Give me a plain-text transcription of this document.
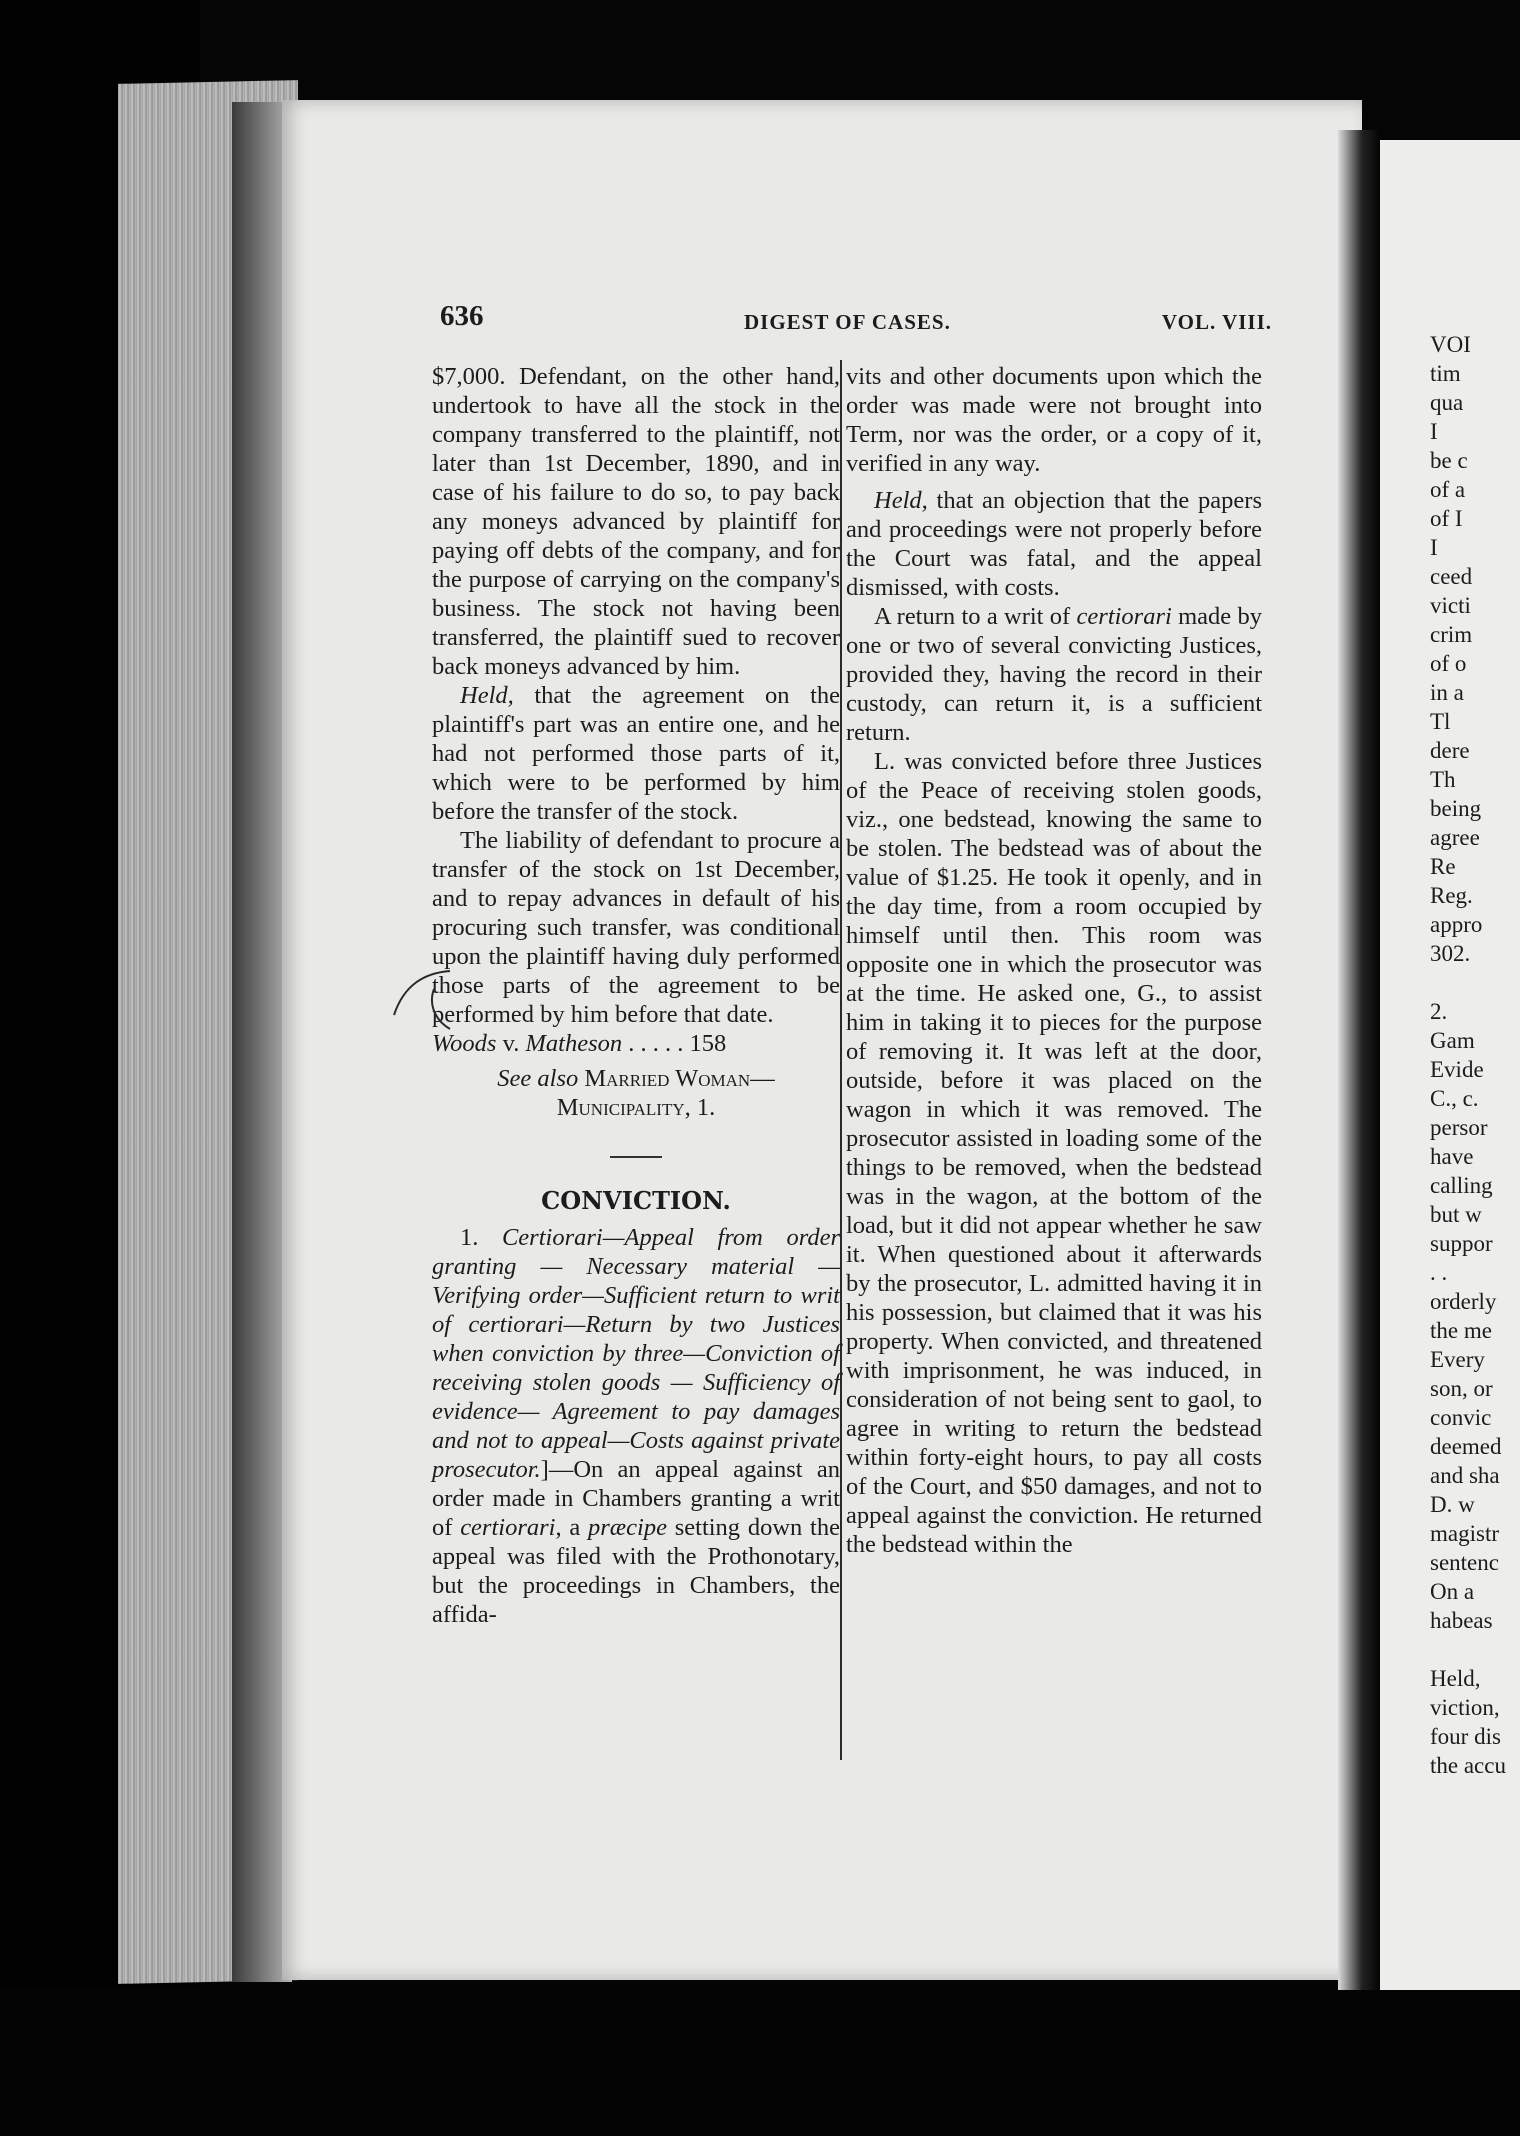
636	DIGEST OF CASES.	VOL. VIII.

$7,000. Defendant, on the other hand, undertook to have all the stock in the company transferred to the plaintiff, not later than 1st December, 1890, and in case of his failure to do so, to pay back any moneys advanced by plaintiff for paying off debts of the company, and for the purpose of carrying on the company's business. The stock not having been transferred, the plaintiff sued to recover back moneys advanced by him.

Held, that the agreement on the plaintiff's part was an entire one, and he had not performed those parts of it, which were to be performed by him before the transfer of the stock.

The liability of defendant to procure a transfer of the stock on 1st December, and to repay advances in default of his procuring such transfer, was conditional upon the plaintiff having duly performed those parts of the agreement to be performed by him before that date.

Woods v. Matheson . . . . . 158

See also Married Woman—
Municipality, 1.

CONVICTION.

1. Certiorari—Appeal from order granting — Necessary material — Verifying order—Sufficient return to writ of certiorari—Return by two Justices when conviction by three—Conviction of receiving stolen goods — Sufficiency of evidence— Agreement to pay damages and not to appeal—Costs against private prosecutor.]—On an appeal against an order made in Chambers granting a writ of certiorari, a præcipe setting down the appeal was filed with the Prothonotary, but the proceedings in Chambers, the affida-

vits and other documents upon which the order was made were not brought into Term, nor was the order, or a copy of it, verified in any way.

Held, that an objection that the papers and proceedings were not properly before the Court was fatal, and the appeal dismissed, with costs.

A return to a writ of certiorari made by one or two of several convicting Justices, provided they, having the record in their custody, can return it, is a sufficient return.

L. was convicted before three Justices of the Peace of receiving stolen goods, viz., one bedstead, knowing the same to be stolen. The bedstead was of about the value of $1.25. He took it openly, and in the day time, from a room occupied by himself until then. This room was opposite one in which the prosecutor was at the time. He asked one, G., to assist him in taking it to pieces for the purpose of removing it. It was left at the door, outside, before it was placed on the wagon in which it was removed. The prosecutor assisted in loading some of the things to be removed, when the bedstead was in the wagon, at the bottom of the load, but it did not appear whether he saw it. When questioned about it afterwards by the prosecutor, L. admitted having it in his possession, but claimed that it was his property. When convicted, and threatened with imprisonment, he was induced, in consideration of not being sent to gaol, to agree in writing to return the bedstead within forty-eight hours, to pay all costs of the Court, and $50 damages, and not to appeal against the conviction. He returned the bedstead within the

VOI
tim
qua
I
be c
of a
of I
I
ceed
victi
crim
of o
in a
Tl
dere
Th
being
agree
Re
Reg.
appro
302.
2.
Gam
Evide
C., c.
persor
have
calling
but w
suppor
. .
orderly
the me
Every
son, or
convic
deemed
and sha
D. w
magistr
sentenc
On a
habeas
Held,
viction,
four dis
the accu
